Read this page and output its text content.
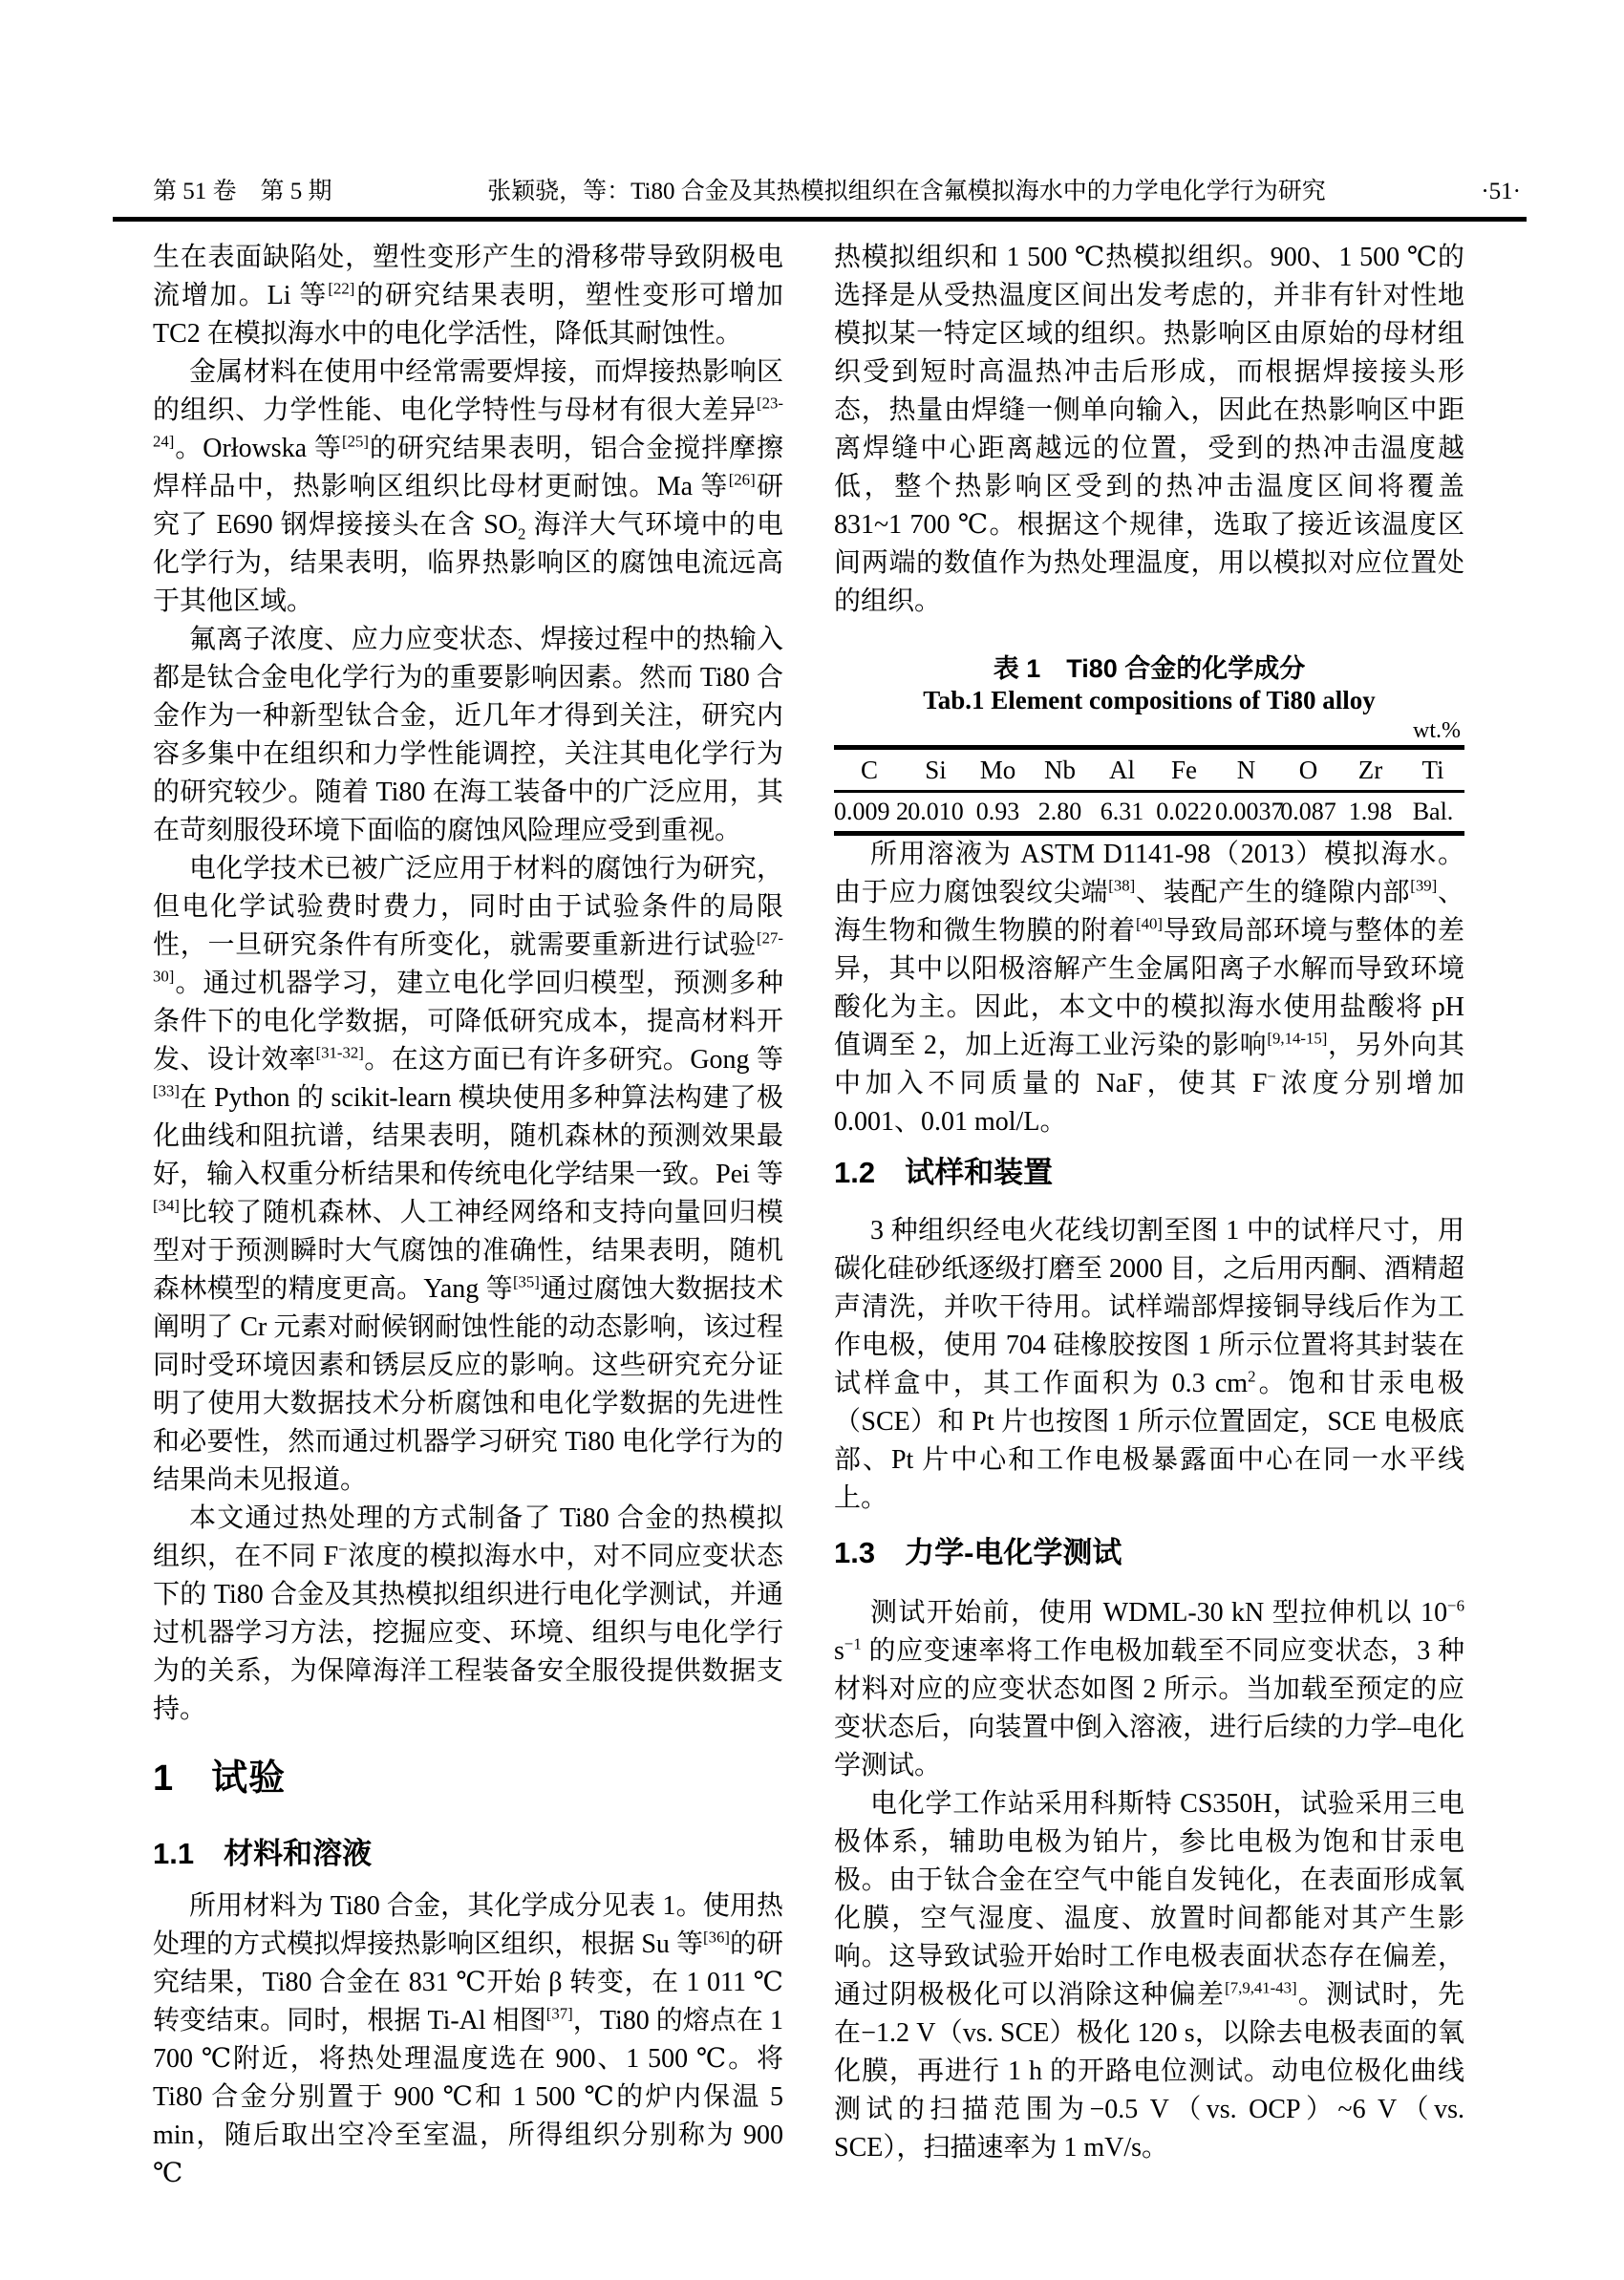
第 51 卷　第 5 期	张颖骁，等：Ti80 合金及其热模拟组织在含氟模拟海水中的力学电化学行为研究	·51·

生在表面缺陷处，塑性变形产生的滑移带导致阴极电流增加。Li 等[22]的研究结果表明，塑性变形可增加 TC2 在模拟海水中的电化学活性，降低其耐蚀性。

金属材料在使用中经常需要焊接，而焊接热影响区的组织、力学性能、电化学特性与母材有很大差异[23-24]。Orłowska 等[25]的研究结果表明，铝合金搅拌摩擦焊样品中，热影响区组织比母材更耐蚀。Ma 等[26]研究了 E690 钢焊接接头在含 $SO_2$ 海洋大气环境中的电化学行为，结果表明，临界热影响区的腐蚀电流远高于其他区域。

氟离子浓度、应力应变状态、焊接过程中的热输入都是钛合金电化学行为的重要影响因素。然而 Ti80 合金作为一种新型钛合金，近几年才得到关注，研究内容多集中在组织和力学性能调控，关注其电化学行为的研究较少。随着 Ti80 在海工装备中的广泛应用，其在苛刻服役环境下面临的腐蚀风险理应受到重视。

电化学技术已被广泛应用于材料的腐蚀行为研究，但电化学试验费时费力，同时由于试验条件的局限性，一旦研究条件有所变化，就需要重新进行试验[27-30]。通过机器学习，建立电化学回归模型，预测多种条件下的电化学数据，可降低研究成本，提高材料开发、设计效率[31-32]。在这方面已有许多研究。Gong 等[33]在 Python 的 scikit-learn 模块使用多种算法构建了极化曲线和阻抗谱，结果表明，随机森林的预测效果最好，输入权重分析结果和传统电化学结果一致。Pei 等[34]比较了随机森林、人工神经网络和支持向量回归模型对于预测瞬时大气腐蚀的准确性，结果表明，随机森林模型的精度更高。Yang 等[35]通过腐蚀大数据技术阐明了 Cr 元素对耐候钢耐蚀性能的动态影响，该过程同时受环境因素和锈层反应的影响。这些研究充分证明了使用大数据技术分析腐蚀和电化学数据的先进性和必要性，然而通过机器学习研究 Ti80 电化学行为的结果尚未见报道。

本文通过热处理的方式制备了 Ti80 合金的热模拟组织，在不同 F−浓度的模拟海水中，对不同应变状态下的 Ti80 合金及其热模拟组织进行电化学测试，并通过机器学习方法，挖掘应变、环境、组织与电化学行为的关系，为保障海洋工程装备安全服役提供数据支持。

1　试验
1.1　材料和溶液

所用材料为 Ti80 合金，其化学成分见表 1。使用热处理的方式模拟焊接热影响区组织，根据 Su 等[36]的研究结果，Ti80 合金在 831 ℃开始 β 转变，在 1 011 ℃转变结束。同时，根据 Ti-Al 相图[37]，Ti80 的熔点在 1 700 ℃附近，将热处理温度选在 900、1 500 ℃。将 Ti80 合金分别置于 900 ℃和 1 500 ℃的炉内保温 5 min，随后取出空冷至室温，所得组织分别称为 900 ℃

热模拟组织和 1 500 ℃热模拟组织。900、1 500 ℃的选择是从受热温度区间出发考虑的，并非有针对性地模拟某一特定区域的组织。热影响区由原始的母材组织受到短时高温热冲击后形成，而根据焊接接头形态，热量由焊缝一侧单向输入，因此在热影响区中距离焊缝中心距离越远的位置，受到的热冲击温度越低，整个热影响区受到的热冲击温度区间将覆盖 831~1 700 ℃。根据这个规律，选取了接近该温度区间两端的数值作为热处理温度，用以模拟对应位置处的组织。

表 1　Ti80 合金的化学成分
Tab.1 Element compositions of Ti80 alloy
wt.%
C	Si	Mo	Nb	Al	Fe	N	O	Zr	Ti
0.009 2	0.010	0.93	2.80	6.31	0.022	0.0037	0.087	1.98	Bal.

所用溶液为 ASTM D1141-98（2013）模拟海水。由于应力腐蚀裂纹尖端[38]、装配产生的缝隙内部[39]、海生物和微生物膜的附着[40]导致局部环境与整体的差异，其中以阳极溶解产生金属阳离子水解而导致环境酸化为主。因此，本文中的模拟海水使用盐酸将 pH 值调至 2，加上近海工业污染的影响[9,14-15]，另外向其中加入不同质量的 NaF，使其 F−浓度分别增加 0.001、0.01 mol/L。

1.2　试样和装置

3 种组织经电火花线切割至图 1 中的试样尺寸，用碳化硅砂纸逐级打磨至 2000 目，之后用丙酮、酒精超声清洗，并吹干待用。试样端部焊接铜导线后作为工作电极，使用 704 硅橡胶按图 1 所示位置将其封装在试样盒中，其工作面积为 0.3 $cm^2$。饱和甘汞电极（SCE）和 Pt 片也按图 1 所示位置固定，SCE 电极底部、Pt 片中心和工作电极暴露面中心在同一水平线上。

1.3　力学-电化学测试

测试开始前，使用 WDML-30 kN 型拉伸机以 $10^{-6}$ $s^{-1}$ 的应变速率将工作电极加载至不同应变状态，3 种材料对应的应变状态如图 2 所示。当加载至预定的应变状态后，向装置中倒入溶液，进行后续的力学–电化学测试。

电化学工作站采用科斯特 CS350H，试验采用三电极体系，辅助电极为铂片，参比电极为饱和甘汞电极。由于钛合金在空气中能自发钝化，在表面形成氧化膜，空气湿度、温度、放置时间都能对其产生影响。这导致试验开始时工作电极表面状态存在偏差，通过阴极极化可以消除这种偏差[7,9,41-43]。测试时，先在−1.2 V（vs. SCE）极化 120 s，以除去电极表面的氧化膜，再进行 1 h 的开路电位测试。动电位极化曲线测试的扫描范围为−0.5 V（vs. OCP）~6 V（vs. SCE），扫描速率为 1 mV/s。
